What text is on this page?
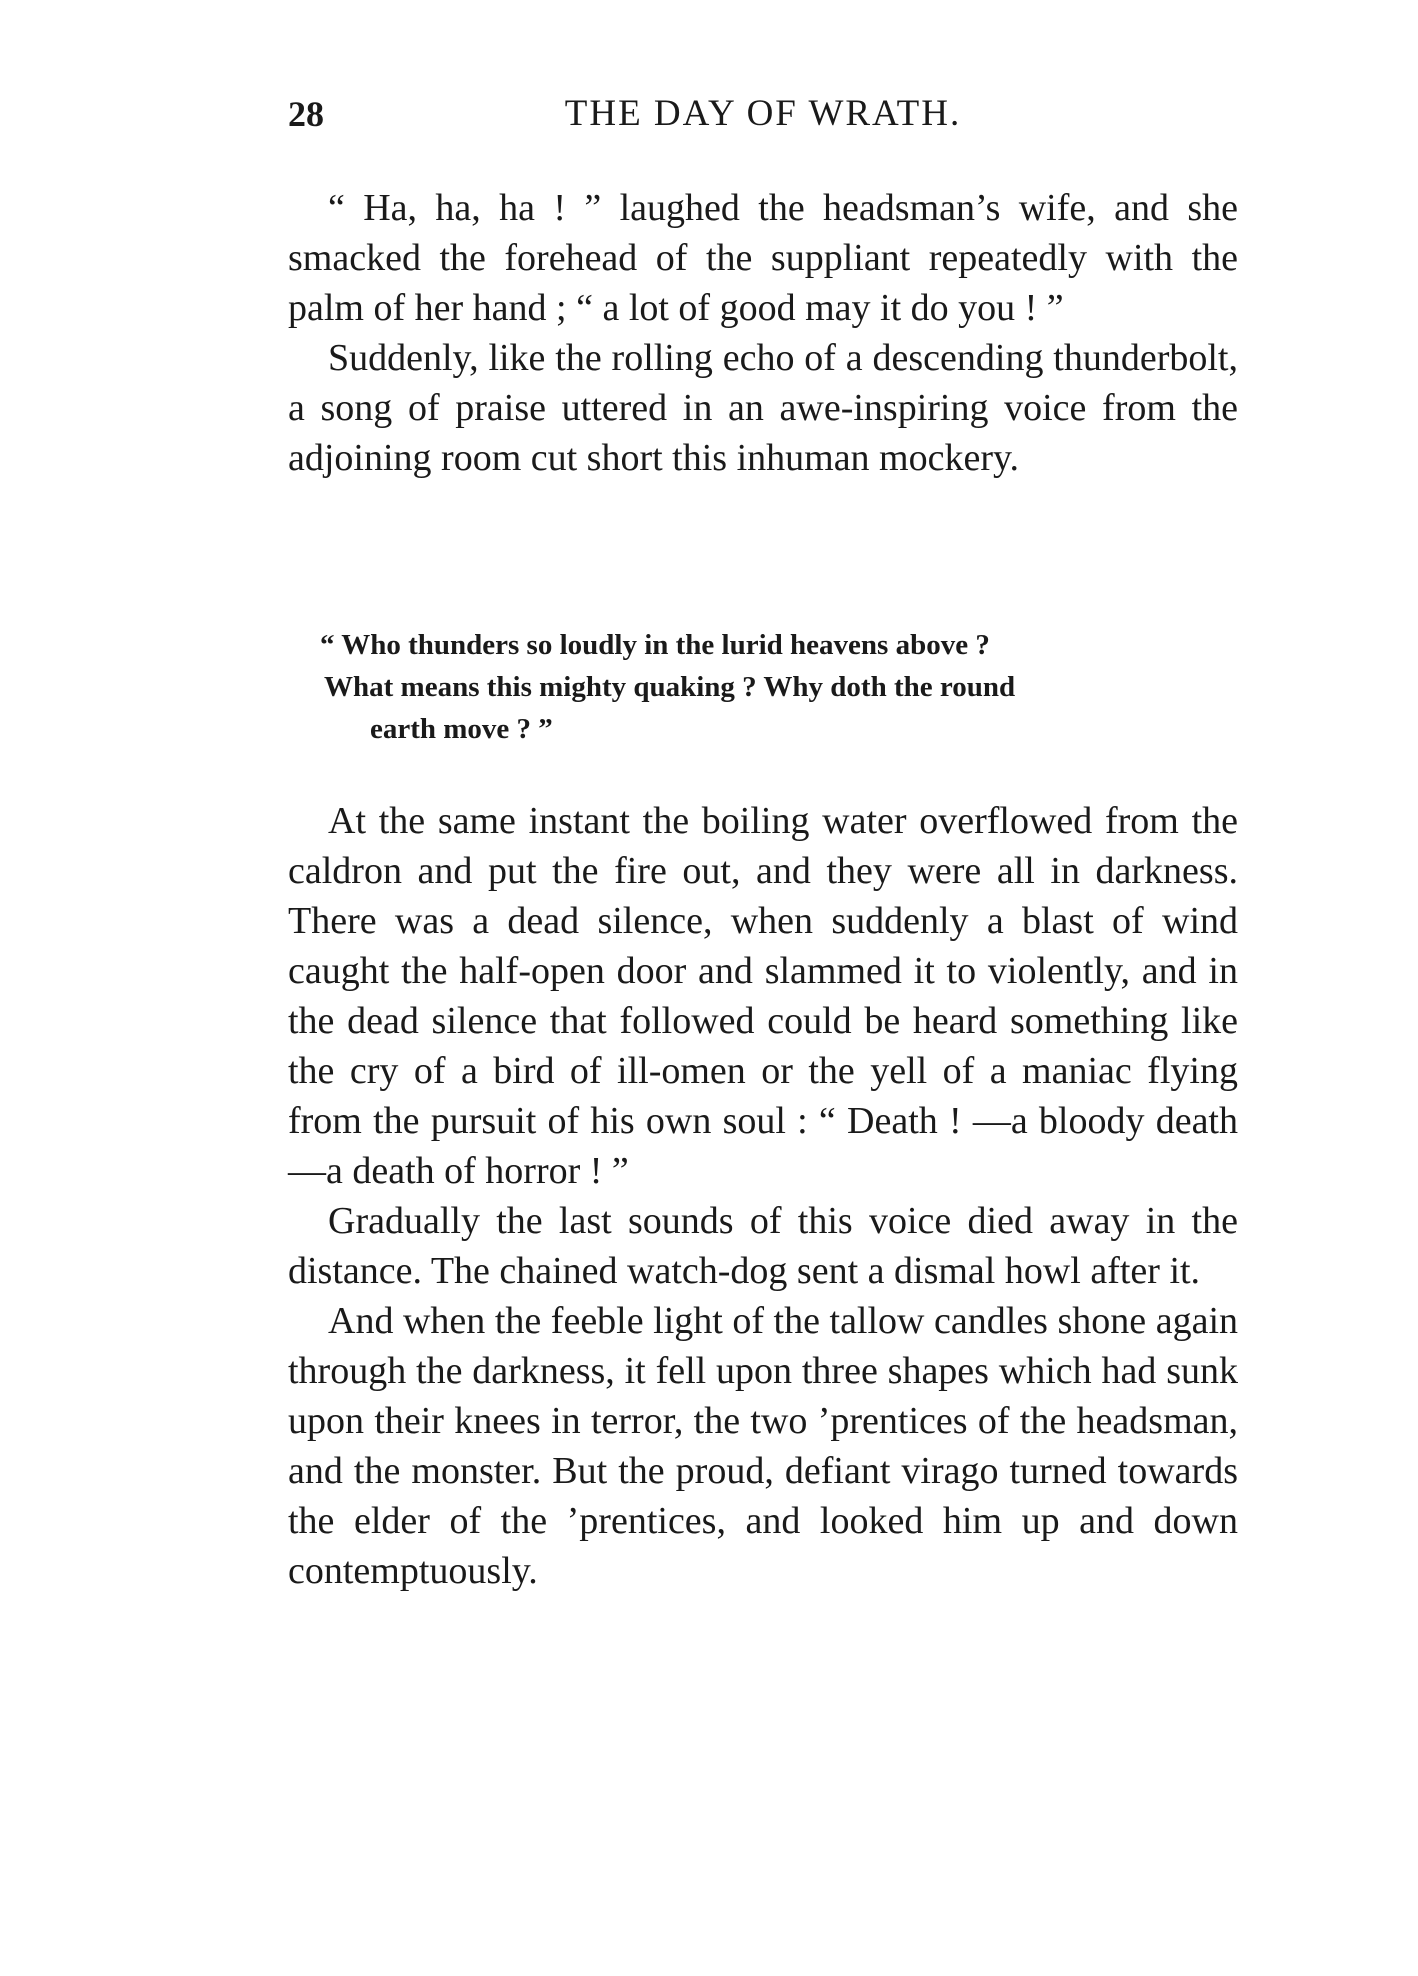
28	THE DAY OF WRATH.

“ Ha, ha, ha ! ” laughed the headsman’s wife, and she smacked the forehead of the suppliant repeatedly with the palm of her hand ; “ a lot of good may it do you ! ”

Suddenly, like the rolling echo of a descending thunderbolt, a song of praise uttered in an awe-inspiring voice from the adjoining room cut short this inhuman mockery.

“ Who thunders so loudly in the lurid heavens above ?
What means this mighty quaking ? Why doth the round
earth move ? ”

At the same instant the boiling water overflowed from the caldron and put the fire out, and they were all in darkness. There was a dead silence, when suddenly a blast of wind caught the half-open door and slammed it to violently, and in the dead silence that followed could be heard something like the cry of a bird of ill-omen or the yell of a maniac flying from the pursuit of his own soul : “ Death ! —a bloody death—a death of horror ! ”

Gradually the last sounds of this voice died away in the distance. The chained watch-dog sent a dismal howl after it.

And when the feeble light of the tallow candles shone again through the darkness, it fell upon three shapes which had sunk upon their knees in terror, the two ’prentices of the headsman, and the monster. But the proud, defiant virago turned towards the elder of the ’prentices, and looked him up and down contemptuously.
